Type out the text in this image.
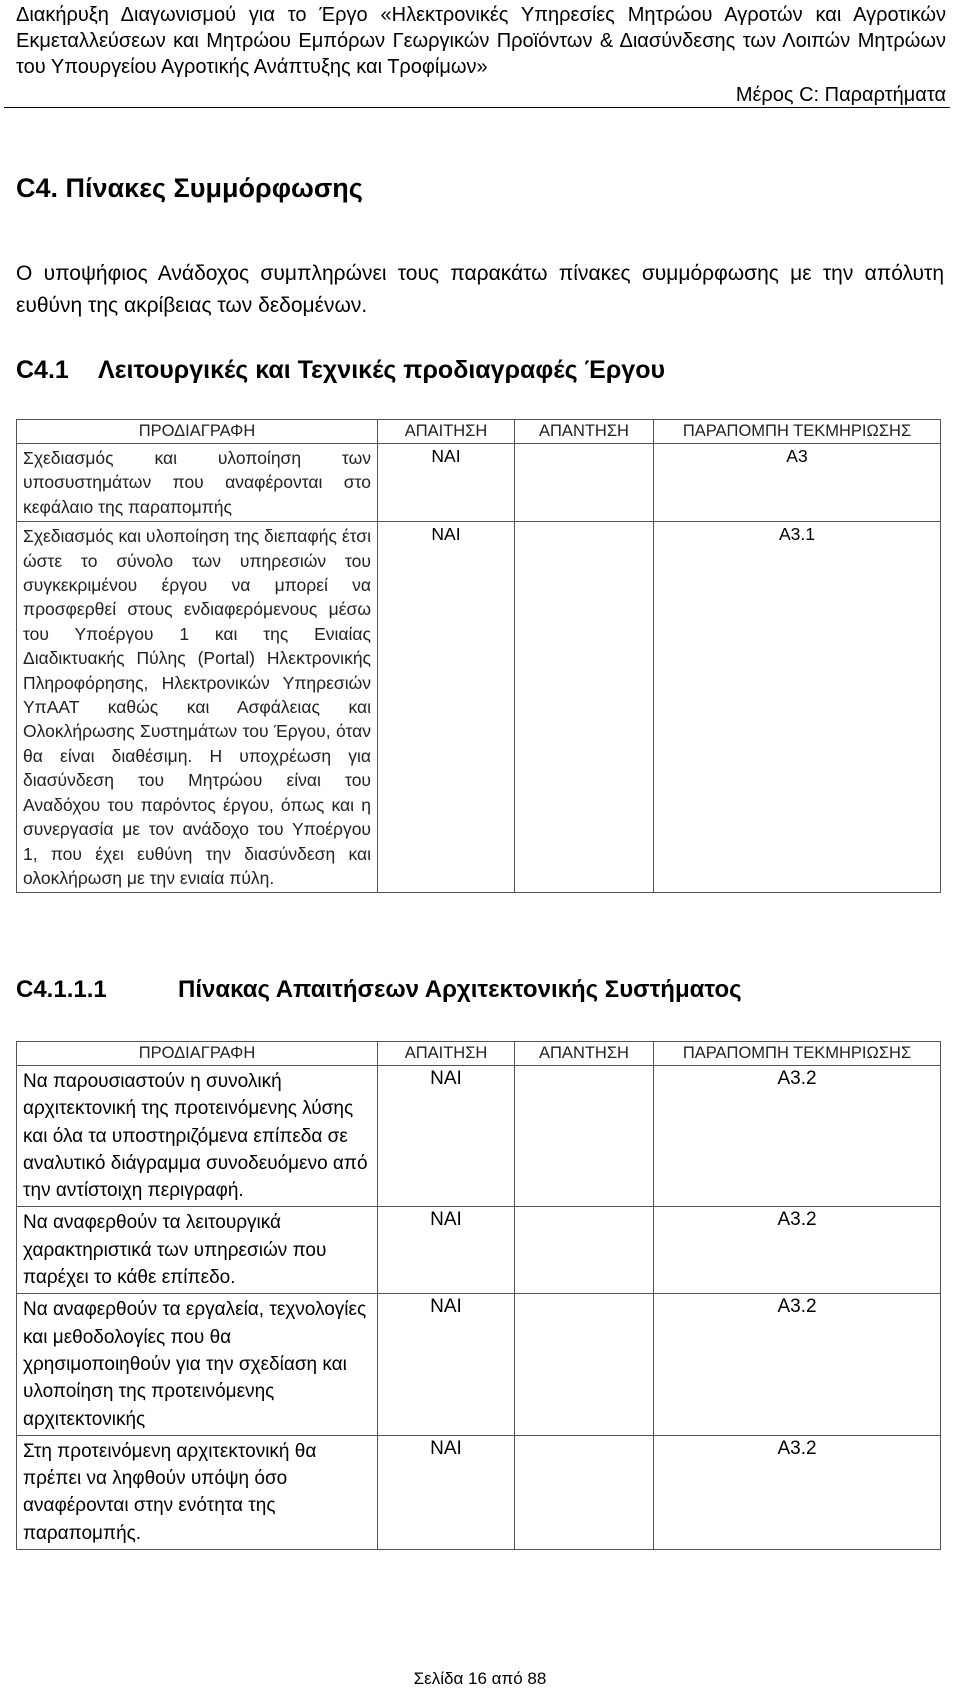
Διακήρυξη Διαγωνισμού για το Έργο «Ηλεκτρονικές Υπηρεσίες Μητρώου Αγροτών και Αγροτικών Εκμεταλλεύσεων και Μητρώου Εμπόρων Γεωργικών Προϊόντων & Διασύνδεσης των Λοιπών Μητρώων του Υπουργείου Αγροτικής Ανάπτυξης και Τροφίμων»
Μέρος C: Παραρτήματα
C4. Πίνακες Συμμόρφωσης
Ο υποψήφιος Ανάδοχος συμπληρώνει τους παρακάτω πίνακες συμμόρφωσης με την απόλυτη ευθύνη της ακρίβειας των δεδομένων.
C4.1 Λειτουργικές και Τεχνικές προδιαγραφές Έργου
ΠΡΟΔΙΑΓΡΑΦΗ	ΑΠΑΙΤΗΣΗ	ΑΠΑΝΤΗΣΗ	ΠΑΡΑΠΟΜΠΗ ΤΕΚΜΗΡΙΩΣΗΣ
Σχεδιασμός και υλοποίηση των υποσυστημάτων που αναφέρονται στο κεφάλαιο της παραπομπής	ΝΑΙ		Α3
Σχεδιασμός και υλοποίηση της διεπαφής έτσι ώστε το σύνολο των υπηρεσιών του συγκεκριμένου έργου να μπορεί να προσφερθεί στους ενδιαφερόμενους μέσω του Υποέργου 1 και της Ενιαίας Διαδικτυακής Πύλης (Portal) Ηλεκτρονικής Πληροφόρησης, Ηλεκτρονικών Υπηρεσιών ΥπΑΑΤ καθώς και Ασφάλειας και Ολοκλήρωσης Συστημάτων του Έργου, όταν θα είναι διαθέσιμη. Η υποχρέωση για διασύνδεση του Μητρώου είναι του Αναδόχου του παρόντος έργου, όπως και η συνεργασία με τον ανάδοχο του Υποέργου 1, που έχει ευθύνη την διασύνδεση και ολοκλήρωση με την ενιαία πύλη.	ΝΑΙ		Α3.1
C4.1.1.1	Πίνακας Απαιτήσεων Αρχιτεκτονικής Συστήματος
ΠΡΟΔΙΑΓΡΑΦΗ	ΑΠΑΙΤΗΣΗ	ΑΠΑΝΤΗΣΗ	ΠΑΡΑΠΟΜΠΗ ΤΕΚΜΗΡΙΩΣΗΣ
Να παρουσιαστούν η συνολική αρχιτεκτονική της προτεινόμενης λύσης και όλα τα υποστηριζόμενα επίπεδα σε αναλυτικό διάγραμμα συνοδευόμενο από την αντίστοιχη περιγραφή.	ΝΑΙ		Α3.2
Να αναφερθούν τα λειτουργικά χαρακτηριστικά των υπηρεσιών που παρέχει το κάθε επίπεδο.	ΝΑΙ		Α3.2
Να αναφερθούν τα εργαλεία, τεχνολογίες και μεθοδολογίες που θα χρησιμοποιηθούν για την σχεδίαση και υλοποίηση της προτεινόμενης αρχιτεκτονικής	ΝΑΙ		Α3.2
Στη προτεινόμενη αρχιτεκτονική θα πρέπει να ληφθούν υπόψη όσο αναφέρονται στην ενότητα της παραπομπής.	ΝΑΙ		Α3.2
Σελίδα 16 από 88
